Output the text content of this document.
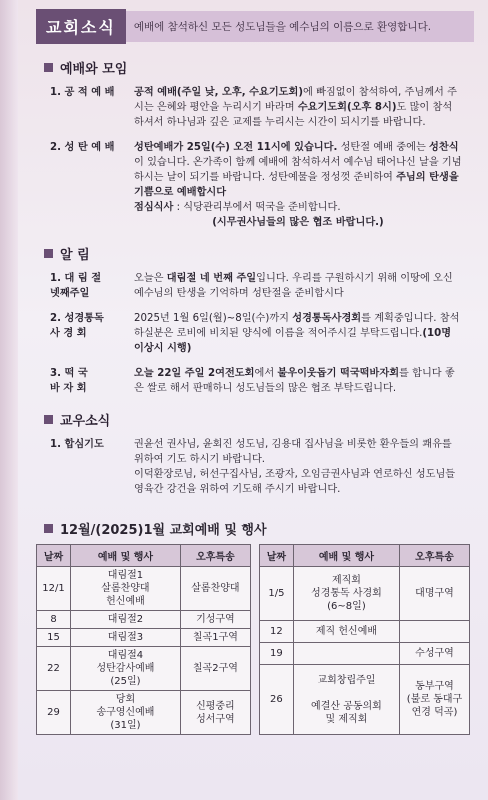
교회소식	예배에 참석하신 모든 성도님들을 예수님의 이름으로 환영합니다.
예배와 모임
1. 공 적 예 배	공적 예배(주일 낮, 오후, 수요기도회)에 빠짐없이 참석하여, 주님께서 주시는 은혜와 평안을 누리시기 바라며 수요기도회(오후 8시)도 많이 참석하셔서 하나님과 깊은 교제를 누리시는 시간이 되시기를 바랍니다.
2. 성 탄 예 배	성탄예배가 25일(수) 오전 11시에 있습니다. 성탄절 예배 중에는 성찬식이 있습니다. 온가족이 함께 예배에 참석하셔서 예수님 태어나신 날을 기념하시는 날이 되기를 바랍니다. 성탄예물을 정성껏 준비하여 주님의 탄생을 기쁨으로 예배합시다
점심식사 : 식당관리부에서 떡국을 준비합니다.
(시무권사님들의 많은 협조 바랍니다.)
알 림
1. 대 림 절
넷째주일
오늘은 대림절 네 번째 주일입니다. 우리를 구원하시기 위해 이땅에 오신 예수님의 탄생을 기억하며 성탄절을 준비합시다
2. 성경통독
사 경 회
2025년 1월 6일(월)~8일(수)까지 성경통독사경회를 계획중입니다. 참석하실분은 로비에 비치된 양식에 이름을 적어주시길 부탁드립니다.(10명 이상시 시행)
3. 떡 국
바 자 회
오늘 22일 주일 2여전도회에서 불우이웃돕기 떡국떡바자회를 합니다 좋은 쌀로 해서 판매하니 성도님들의 많은 협조 부탁드립니다.
교우소식
1. 합심기도	권윤선 권사님, 윤회진 성도님, 김용대 집사님을 비롯한 환우들의 쾌유를 위하여 기도 하시기 바랍니다.
이덕환장로님, 허선구집사님, 조광자, 오임금권사님과 연로하신 성도님들 영육간 강건을 위하여 기도해 주시기 바랍니다.
12월/(2025)1월 교회예배 및 행사
날짜	예배 및 행사	오후특송
12/1	대림절1
살롬찬양대
헌신예배	살롬찬양대
8	대림절2	기성구역
15	대림절3	칠곡1구역
22	대림절4
성탄감사예배
(25일)	칠곡2구역
29	당회
송구영신예배
(31일)	신평중리
성서구역
날짜	예배 및 행사	오후특송
1/5	제직회
성경통독 사경회
(6~8일)	대명구역
12	제직 헌신예배	
19		수성구역
26	교회창립주일

예결산 공동의회
및 제직회	동부구역
(불로 동대구
연경 덕곡)
